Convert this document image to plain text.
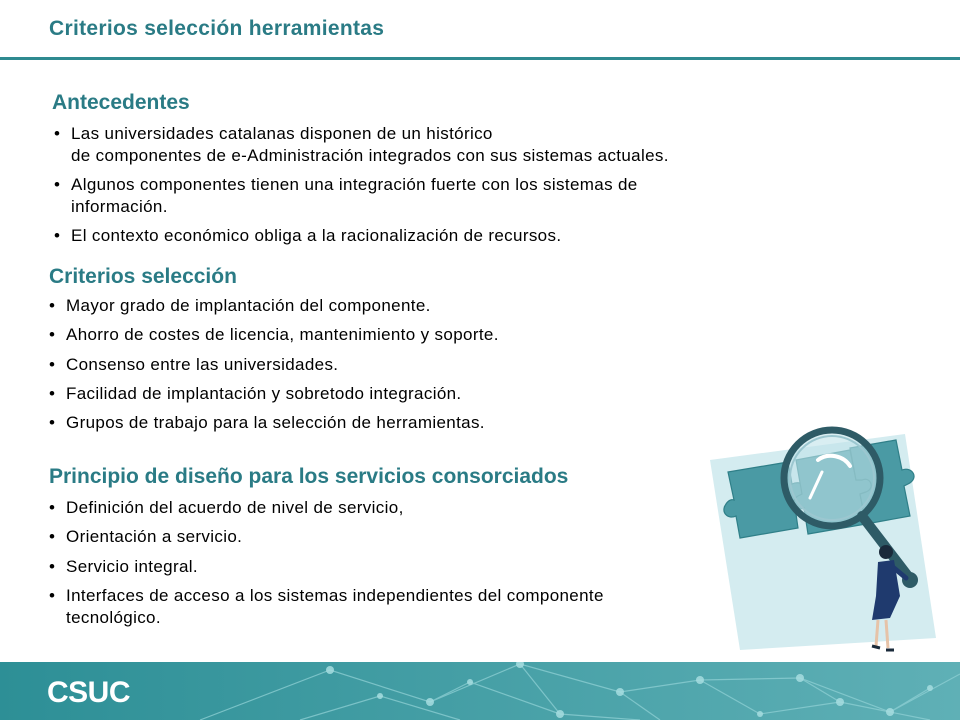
Criterios selección herramientas
Antecedentes
• Las universidades catalanas disponen de un histórico
de componentes de e-Administración integrados con sus sistemas actuales.
• Algunos componentes tienen una integración fuerte con los sistemas de
información.
• El contexto económico obliga a la racionalización de recursos.
Criterios selección
• Mayor grado de implantación del componente.
• Ahorro de costes de licencia, mantenimiento y soporte.
• Consenso entre las universidades.
• Facilidad de implantación y sobretodo integración.
• Grupos de trabajo para la selección de herramientas.
Principio de diseño para los servicios consorciados
• Definición del acuerdo de nivel de servicio,
• Orientación a servicio.
• Servicio integral.
• Interfaces de acceso a los sistemas independientes del componente
tecnológico.
CSUC
